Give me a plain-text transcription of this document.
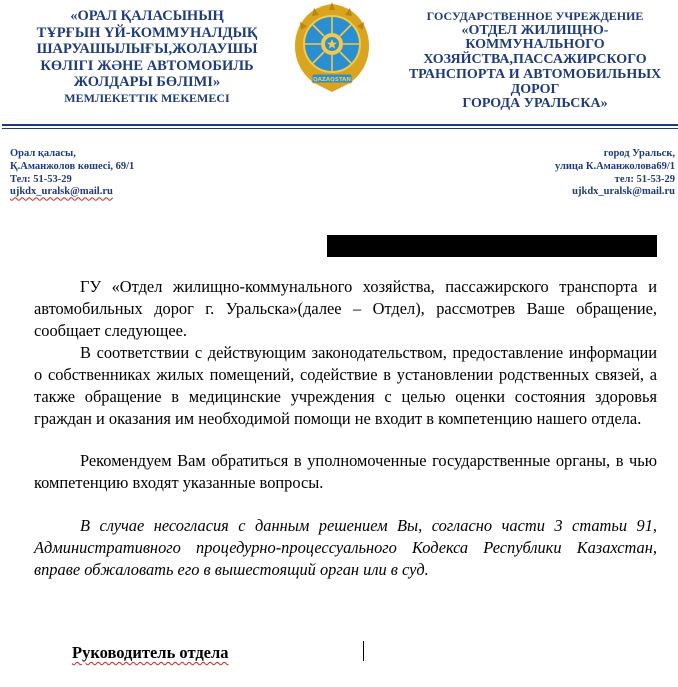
«ОРАЛ ҚАЛАСЫНЫҢ
ТҰРҒЫН ҮЙ-КОММУНАЛДЫҚ
ШАРУАШЫЛЫҒЫ,ЖОЛАУШЫ
КӨЛІГІ ЖӘНЕ АВТОМОБИЛЬ
ЖОЛДАРЫ БӨЛІМІ»
МЕМЛЕКЕТТІК МЕКЕМЕСІ
QAZAQSTAN
ГОСУДАРСТВЕННОЕ УЧРЕЖДЕНИЕ
«ОТДЕЛ ЖИЛИЩНО-
КОММУНАЛЬНОГО
ХОЗЯЙСТВА,ПАССАЖИРСКОГО
ТРАНСПОРТА И АВТОМОБИЛЬНЫХ
ДОРОГ
ГОРОДА УРАЛЬСКА»
Орал қаласы,
Қ.Аманжолов көшесі, 69/1
Тел: 51-53-29
ujkdx_uralsk@mail.ru
город Уральск,
улица К.Аманжолова69/1
тел: 51-53-29
ujkdx_uralsk@mail.ru

ГУ «Отдел жилищно-коммунального хозяйства, пассажирского транспорта и автомобильных дорог г. Уральска»(далее – Отдел), рассмотрев Ваше обращение, сообщает следующее.

В соответствии с действующим законодательством, предоставление информации о собственниках жилых помещений, содействие в установлении родственных связей, а также обращение в медицинские учреждения с целью оценки состояния здоровья граждан и оказания им необходимой помощи не входит в компетенцию нашего отдела.

Рекомендуем Вам обратиться в уполномоченные государственные органы, в чью компетенцию входят указанные вопросы.

В случае несогласия с данным решением Вы, согласно части 3 статьи 91, Административного процедурно-процессуального Кодекса Республики Казахстан, вправе обжаловать его в вышестоящий орган или в суд.

Руководитель отдела
